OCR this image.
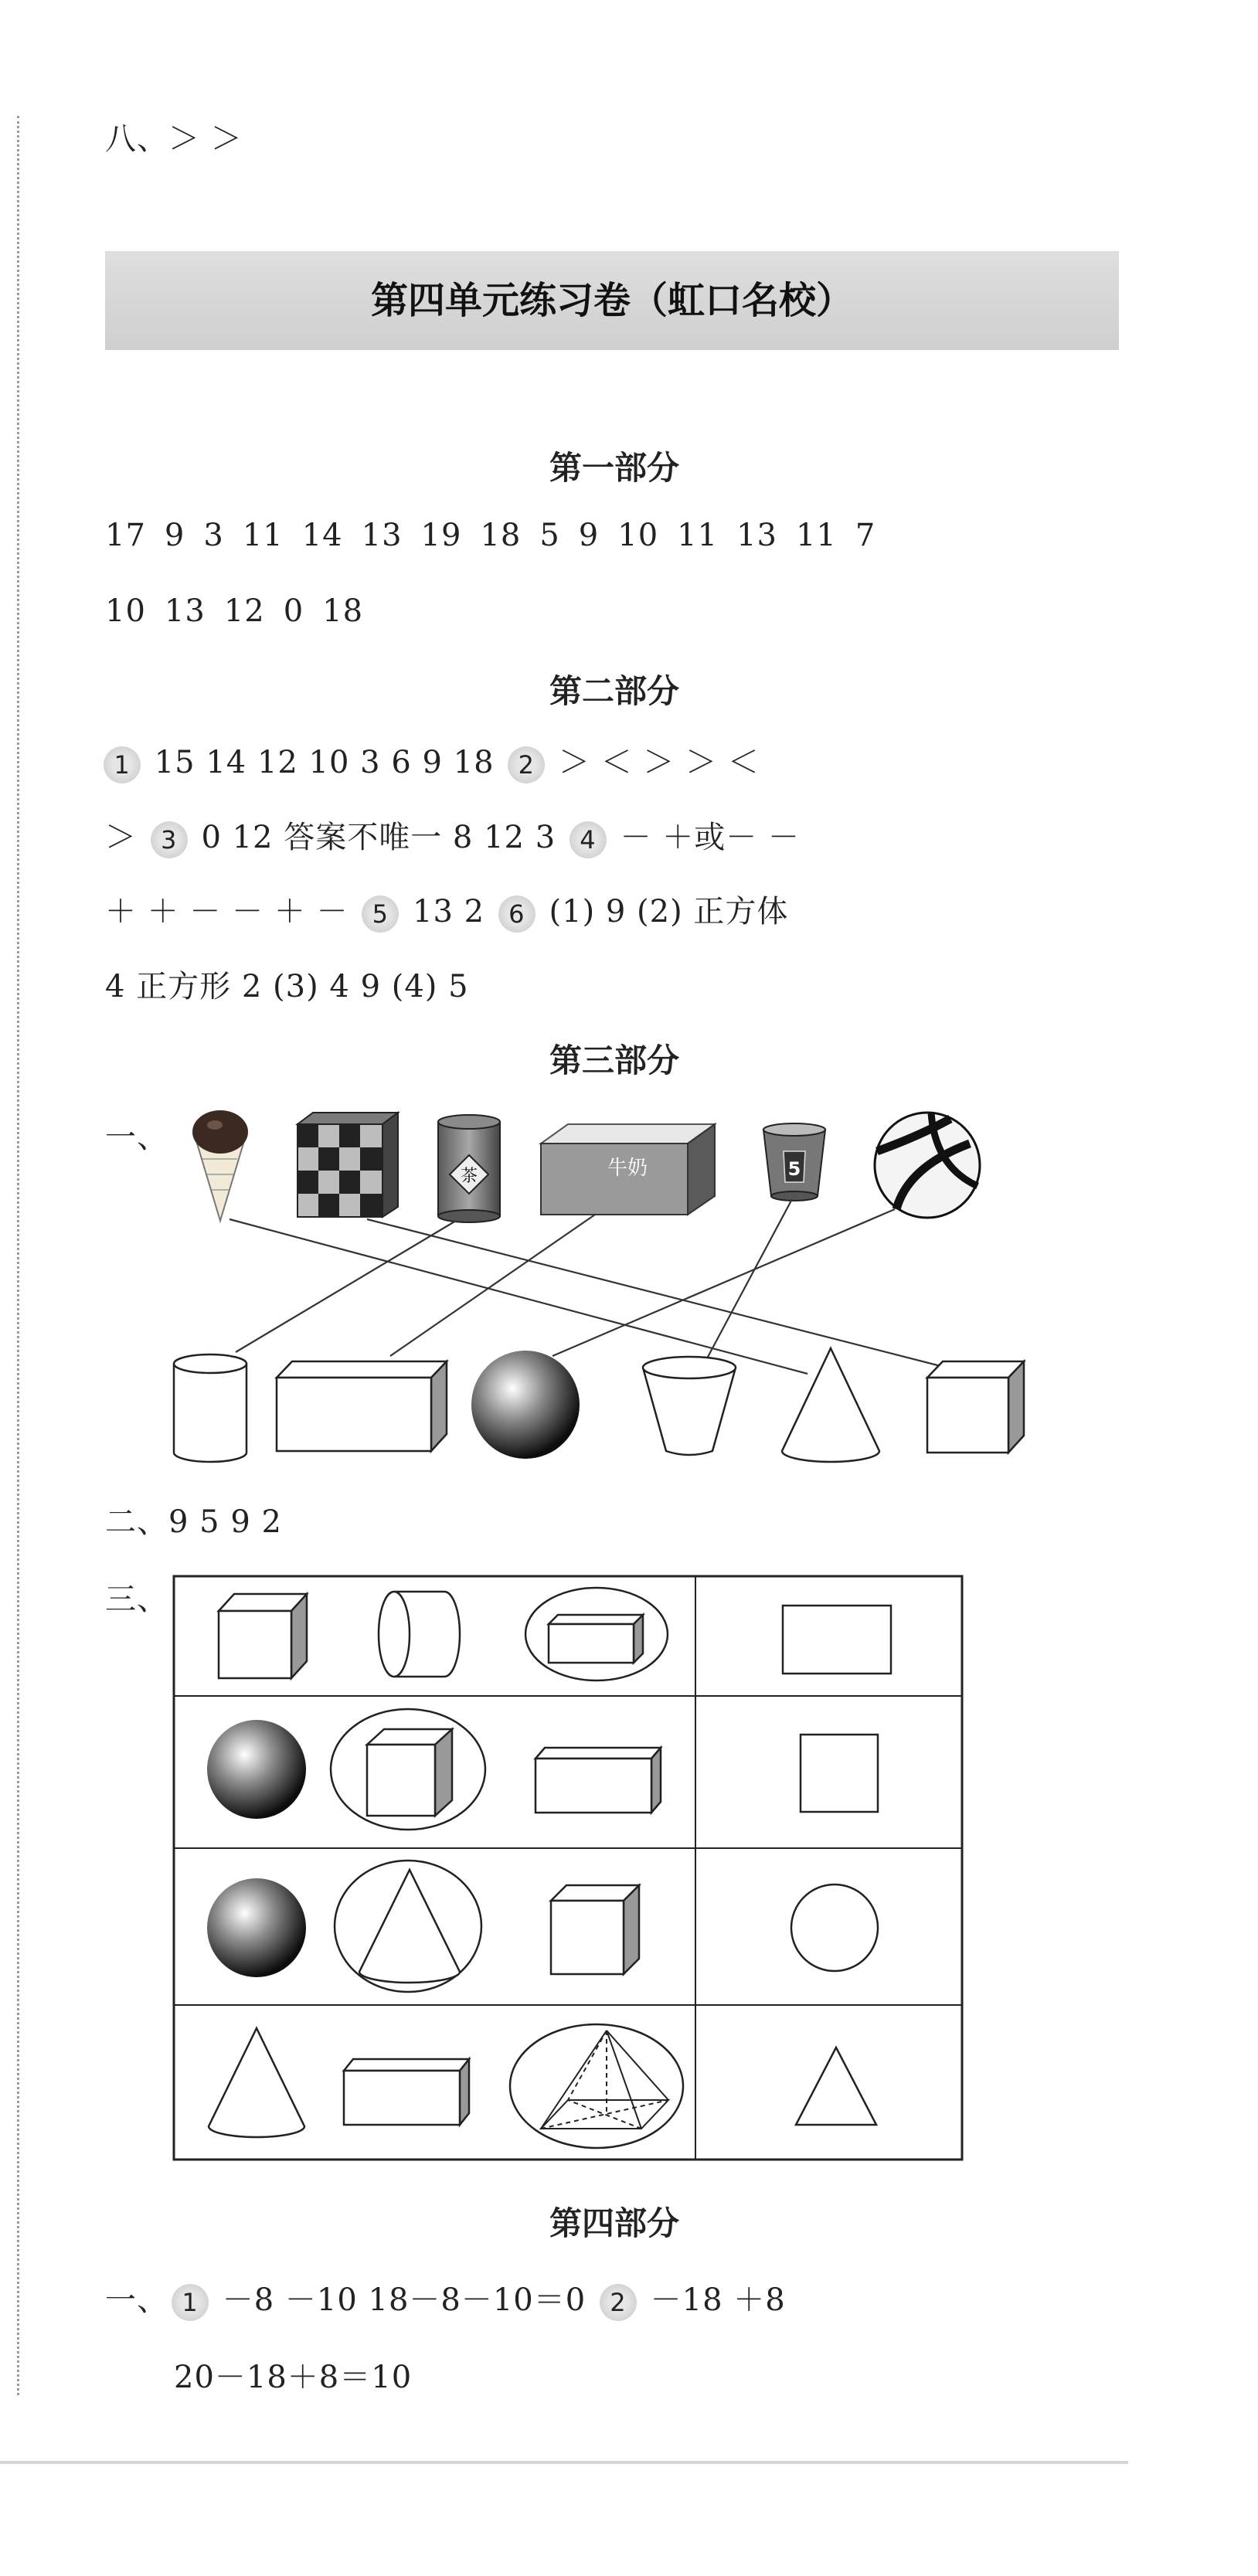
八、＞ ＞
第四单元练习卷（虹口名校）
第一部分
17 9 3 11 14 13 19 18 5 9 10 11 13 11 7
10 13 12 0 18
第二部分
1 15 14 12 10 3 6 9 18 2 ＞ ＜ ＞ ＞ ＜
＞ 3 0 12 答案不唯一 8 12 3 4 － ＋或－ －
＋ ＋ － － ＋ － 5 13 2 6 (1) 9 (2) 正方体
4 正方形 2 (3) 4 9 (4) 5
第三部分
一、
茶	牛奶	5
二、9 5 9 2
三、
第四部分
一、 1 －8 －10 18－8－10＝0 2 －18 ＋8
20－18＋8＝10
